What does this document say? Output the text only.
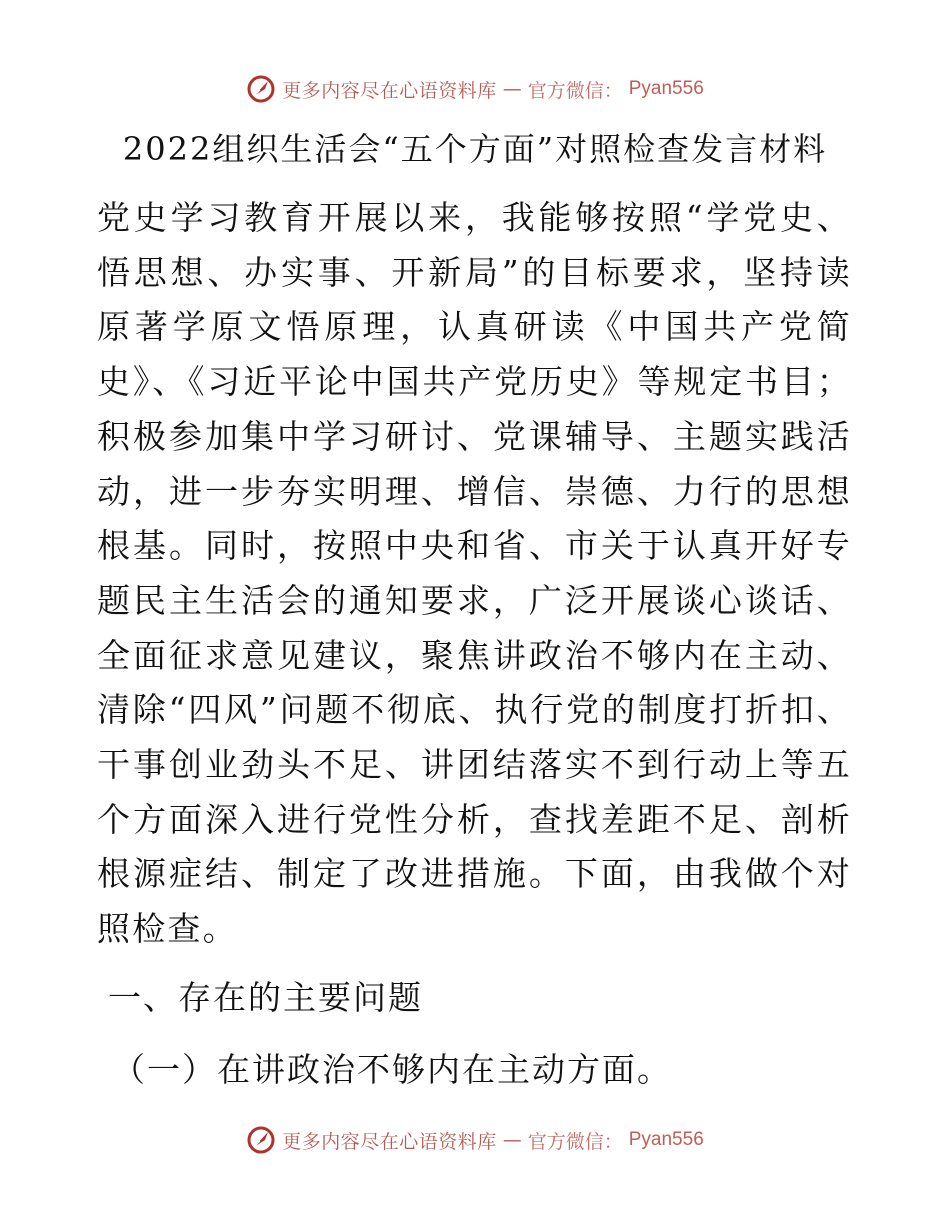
更多内容尽在心语资料库 — 官方微信： Pyan556
2022组织生活会“五个方面”对照检查发言材料

党史学习教育开展以来，我能够按照“学党史、悟思想、办实事、开新局”的目标要求，坚持读原著学原文悟原理，认真研读《中国共产党简史》、《习近平论中国共产党历史》等规定书目；积极参加集中学习研讨、党课辅导、主题实践活动，进一步夯实明理、增信、崇德、力行的思想根基。同时，按照中央和省、市关于认真开好专题民主生活会的通知要求，广泛开展谈心谈话、全面征求意见建议，聚焦讲政治不够内在主动、清除“四风”问题不彻底、执行党的制度打折扣、干事创业劲头不足、讲团结落实不到行动上等五个方面深入进行党性分析，查找差距不足、剖析根源症结、制定了改进措施。下面，由我做个对照检查。

一、存在的主要问题
（一）在讲政治不够内在主动方面。
更多内容尽在心语资料库 — 官方微信： Pyan556
